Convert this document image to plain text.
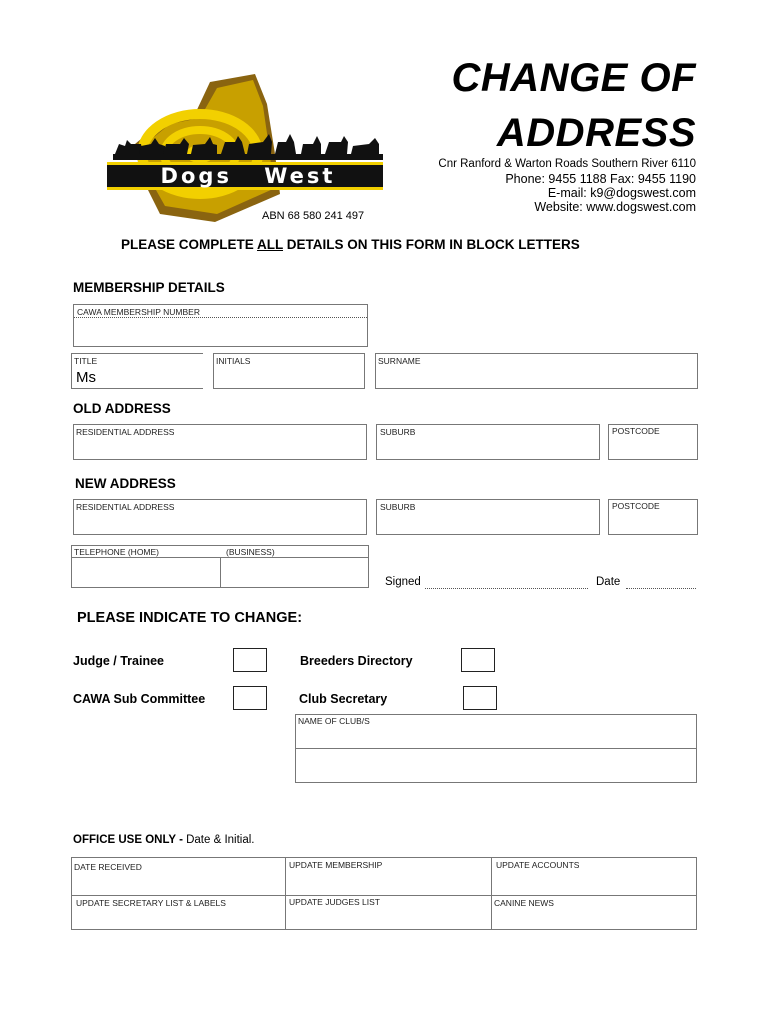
Dogs West
CHANGE OF
ADDRESS
Cnr Ranford & Warton Roads Southern River 6110
Phone: 9455 1188 Fax: 9455 1190
E-mail: k9@dogswest.com
Website: www.dogswest.com
ABN 68 580 241 497
PLEASE COMPLETE ALL DETAILS ON THIS FORM IN BLOCK LETTERS
MEMBERSHIP DETAILS
CAWA MEMBERSHIP NUMBER
TITLE
Ms
INITIALS	SURNAME
OLD ADDRESS
RESIDENTIAL ADDRESS	SUBURB	POSTCODE
NEW ADDRESS
RESIDENTIAL ADDRESS	SUBURB	POSTCODE
TELEPHONE (HOME)	(BUSINESS)
Signed	Date
PLEASE INDICATE TO CHANGE:
Judge / Trainee	Breeders Directory
CAWA Sub Committee	Club Secretary
NAME OF CLUB/S
OFFICE USE ONLY - Date & Initial.
DATE RECEIVED	UPDATE MEMBERSHIP	UPDATE ACCOUNTS
UPDATE SECRETARY LIST & LABELS	UPDATE JUDGES LIST	CANINE NEWS
